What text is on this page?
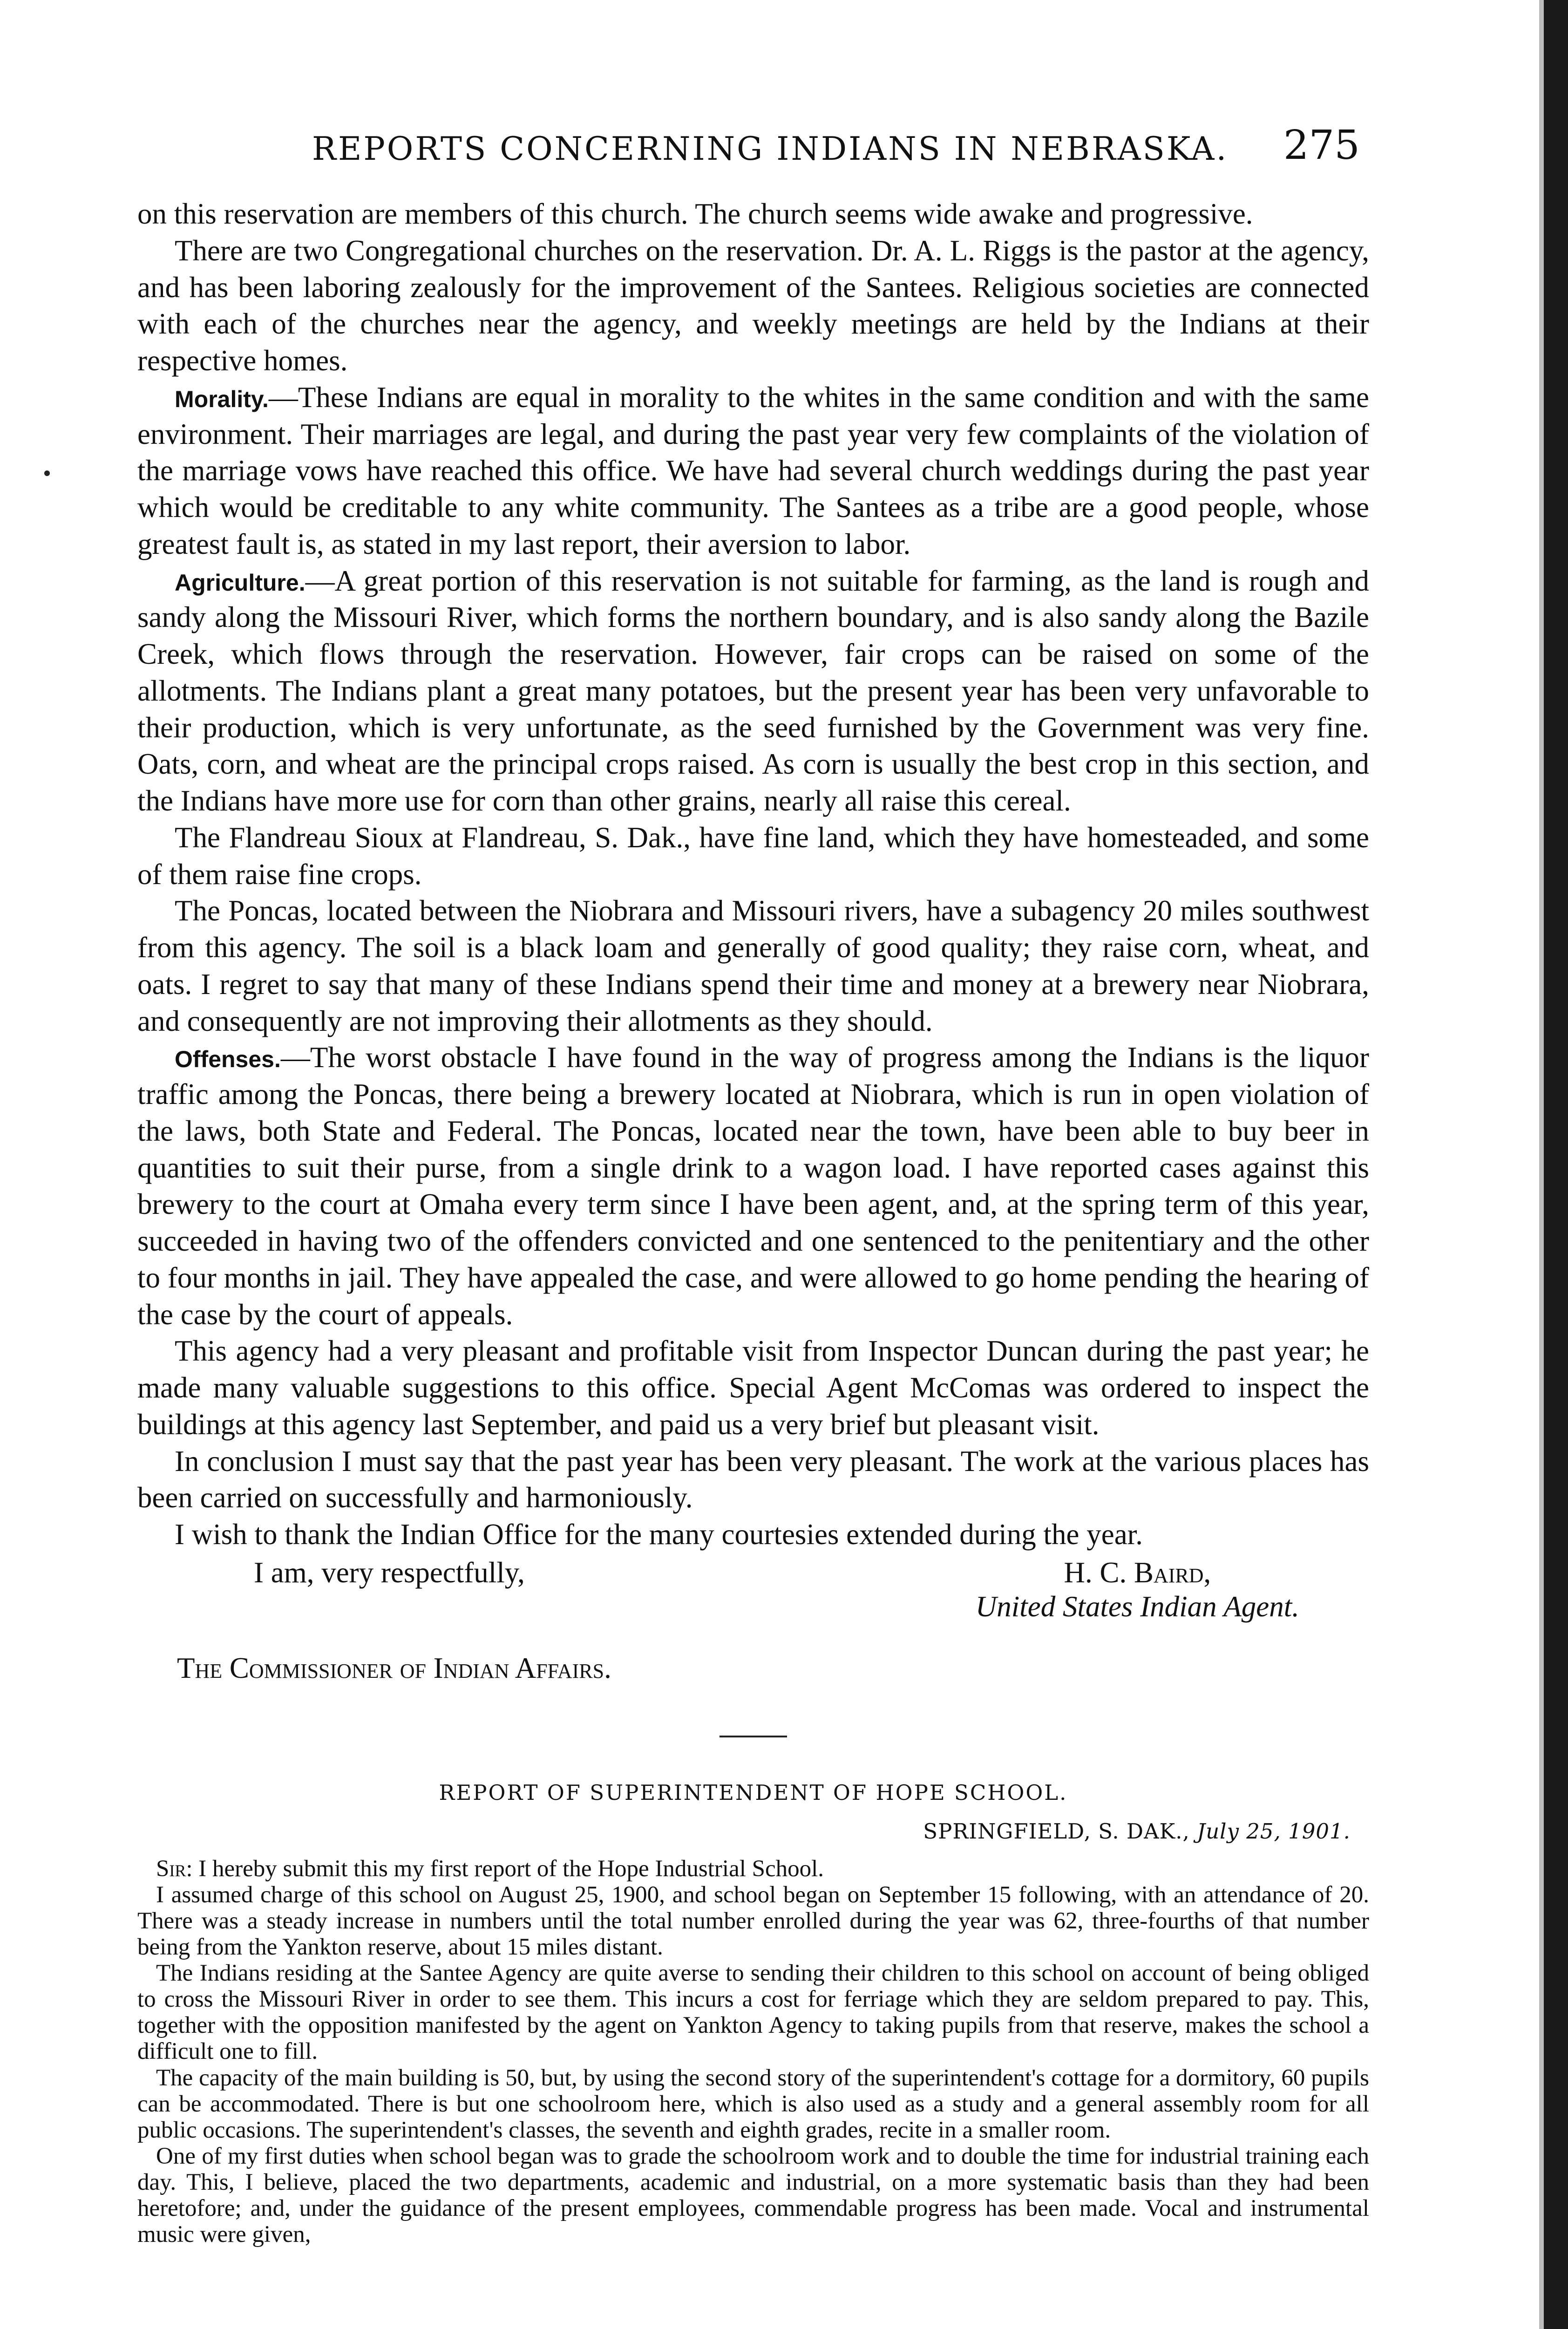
REPORTS CONCERNING INDIANS IN NEBRASKA. 275

on this reservation are members of this church. The church seems wide awake and progressive.

There are two Congregational churches on the reservation. Dr. A. L. Riggs is the pastor at the agency, and has been laboring zealously for the improvement of the Santees. Religious societies are connected with each of the churches near the agency, and weekly meetings are held by the Indians at their respective homes.

Morality.—These Indians are equal in morality to the whites in the same condition and with the same environment. Their marriages are legal, and during the past year very few complaints of the violation of the marriage vows have reached this office. We have had several church weddings during the past year which would be creditable to any white community. The Santees as a tribe are a good people, whose greatest fault is, as stated in my last report, their aversion to labor.

Agriculture.—A great portion of this reservation is not suitable for farming, as the land is rough and sandy along the Missouri River, which forms the northern boundary, and is also sandy along the Bazile Creek, which flows through the reservation. However, fair crops can be raised on some of the allotments. The Indians plant a great many potatoes, but the present year has been very unfavorable to their production, which is very unfortunate, as the seed furnished by the Government was very fine. Oats, corn, and wheat are the principal crops raised. As corn is usually the best crop in this section, and the Indians have more use for corn than other grains, nearly all raise this cereal.

The Flandreau Sioux at Flandreau, S. Dak., have fine land, which they have homesteaded, and some of them raise fine crops.

The Poncas, located between the Niobrara and Missouri rivers, have a subagency 20 miles southwest from this agency. The soil is a black loam and generally of good quality; they raise corn, wheat, and oats. I regret to say that many of these Indians spend their time and money at a brewery near Niobrara, and consequently are not improving their allotments as they should.

Offenses.—The worst obstacle I have found in the way of progress among the Indians is the liquor traffic among the Poncas, there being a brewery located at Niobrara, which is run in open violation of the laws, both State and Federal. The Poncas, located near the town, have been able to buy beer in quantities to suit their purse, from a single drink to a wagon load. I have reported cases against this brewery to the court at Omaha every term since I have been agent, and, at the spring term of this year, succeeded in having two of the offenders convicted and one sentenced to the penitentiary and the other to four months in jail. They have appealed the case, and were allowed to go home pending the hearing of the case by the court of appeals.

This agency had a very pleasant and profitable visit from Inspector Duncan during the past year; he made many valuable suggestions to this office. Special Agent McComas was ordered to inspect the buildings at this agency last September, and paid us a very brief but pleasant visit.

In conclusion I must say that the past year has been very pleasant. The work at the various places has been carried on successfully and harmoniously.

I wish to thank the Indian Office for the many courtesies extended during the year.

I am, very respectfully,	H. C. Baird,
United States Indian Agent.
The Commissioner of Indian Affairs.
REPORT OF SUPERINTENDENT OF HOPE SCHOOL.
SPRINGFIELD, S. DAK., July 25, 1901.

Sir: I hereby submit this my first report of the Hope Industrial School.

I assumed charge of this school on August 25, 1900, and school began on September 15 following, with an attendance of 20. There was a steady increase in numbers until the total number enrolled during the year was 62, three-fourths of that number being from the Yankton reserve, about 15 miles distant.

The Indians residing at the Santee Agency are quite averse to sending their children to this school on account of being obliged to cross the Missouri River in order to see them. This incurs a cost for ferriage which they are seldom prepared to pay. This, together with the opposition manifested by the agent on Yankton Agency to taking pupils from that reserve, makes the school a difficult one to fill.

The capacity of the main building is 50, but, by using the second story of the superintendent's cottage for a dormitory, 60 pupils can be accommodated. There is but one schoolroom here, which is also used as a study and a general assembly room for all public occasions. The superintendent's classes, the seventh and eighth grades, recite in a smaller room.

One of my first duties when school began was to grade the schoolroom work and to double the time for industrial training each day. This, I believe, placed the two departments, academic and industrial, on a more systematic basis than they had been heretofore; and, under the guidance of the present employees, commendable progress has been made. Vocal and instrumental music were given,
